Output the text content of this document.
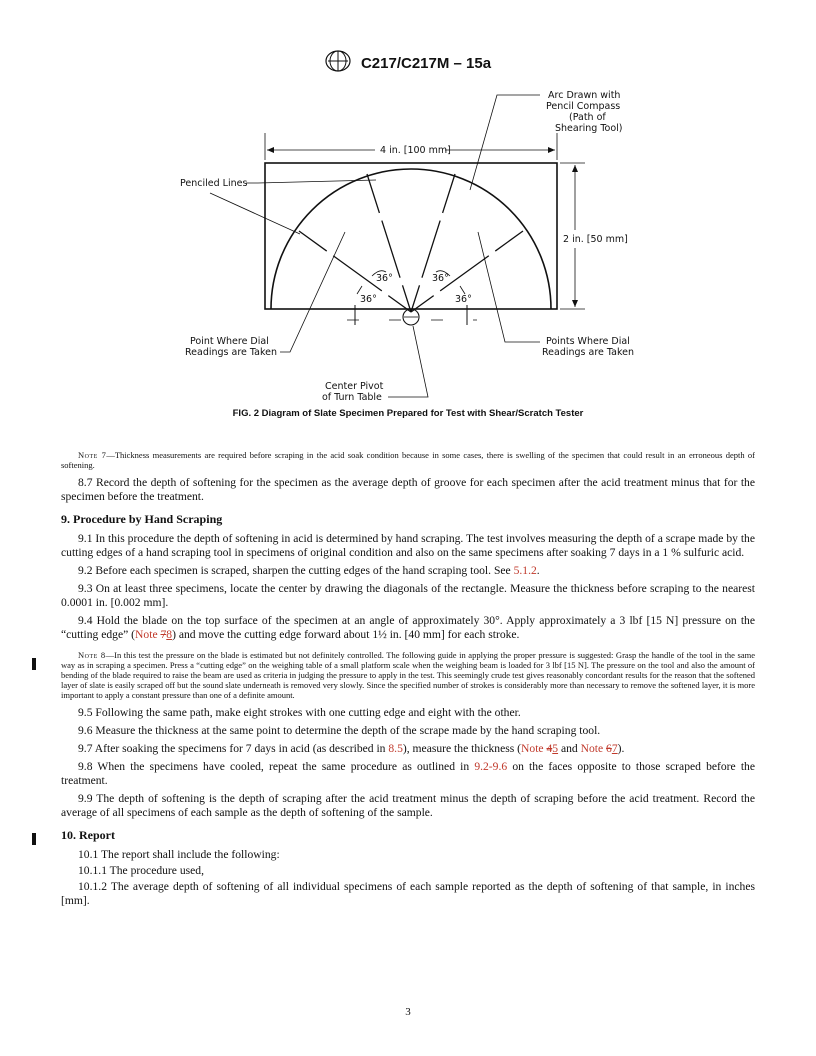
C217/C217M – 15a
36°	36°
36°	36°
4 in. [100 mm]
2 in. [50 mm]
Arc Drawn with
Pencil Compass
(Path of
Shearing Tool)
Penciled Lines
Point Where Dial
Readings are Taken
Points Where Dial
Readings are Taken
Center Pivot
of Turn Table
FIG. 2 Diagram of Slate Specimen Prepared for Test with Shear/Scratch Tester

Note 7—Thickness measurements are required before scraping in the acid soak condition because in some cases, there is swelling of the specimen that could result in an erroneous depth of softening.

8.7 Record the depth of softening for the specimen as the average depth of groove for each specimen after the acid treatment minus that for the specimen before the treatment.

9. Procedure by Hand Scraping

9.1 In this procedure the depth of softening in acid is determined by hand scraping. The test involves measuring the depth of a scrape made by the cutting edges of a hand scraping tool in specimens of original condition and also on the same specimens after soaking 7 days in a 1 % sulfuric acid.

9.2 Before each specimen is scraped, sharpen the cutting edges of the hand scraping tool. See 5.1.2.

9.3 On at least three specimens, locate the center by drawing the diagonals of the rectangle. Measure the thickness before scraping to the nearest 0.0001 in. [0.002 mm].

9.4 Hold the blade on the top surface of the specimen at an angle of approximately 30°. Apply approximately a 3 lbf [15 N] pressure on the “cutting edge” (Note 78) and move the cutting edge forward about 1½ in. [40 mm] for each stroke.

Note 8—In this test the pressure on the blade is estimated but not definitely controlled. The following guide in applying the proper pressure is suggested: Grasp the handle of the tool in the same way as in scraping a specimen. Press a “cutting edge” on the weighing table of a small platform scale when the weighing beam is loaded for 3 lbf [15 N]. The pressure on the tool and also the amount of bending of the blade required to raise the beam are used as criteria in judging the pressure to apply in the test. This seemingly crude test gives reasonably concordant results for the reason that the softened layer of slate is easily scraped off but the sound slate underneath is removed very slowly. Since the specified number of strokes is considerably more than necessary to remove the softened layer, it is more important to apply a constant pressure than one of a definite amount.

9.5 Following the same path, make eight strokes with one cutting edge and eight with the other.

9.6 Measure the thickness at the same point to determine the depth of the scrape made by the hand scraping tool.

9.7 After soaking the specimens for 7 days in acid (as described in 8.5), measure the thickness (Note 45 and Note 67).

9.8 When the specimens have cooled, repeat the same procedure as outlined in 9.2-9.6 on the faces opposite to those scraped before the treatment.

9.9 The depth of softening is the depth of scraping after the acid treatment minus the depth of scraping before the acid treatment. Record the average of all specimens of each sample as the depth of softening of the sample.

10. Report

10.1 The report shall include the following:

10.1.1 The procedure used,

10.1.2 The average depth of softening of all individual specimens of each sample reported as the depth of softening of that sample, in inches [mm].

3
